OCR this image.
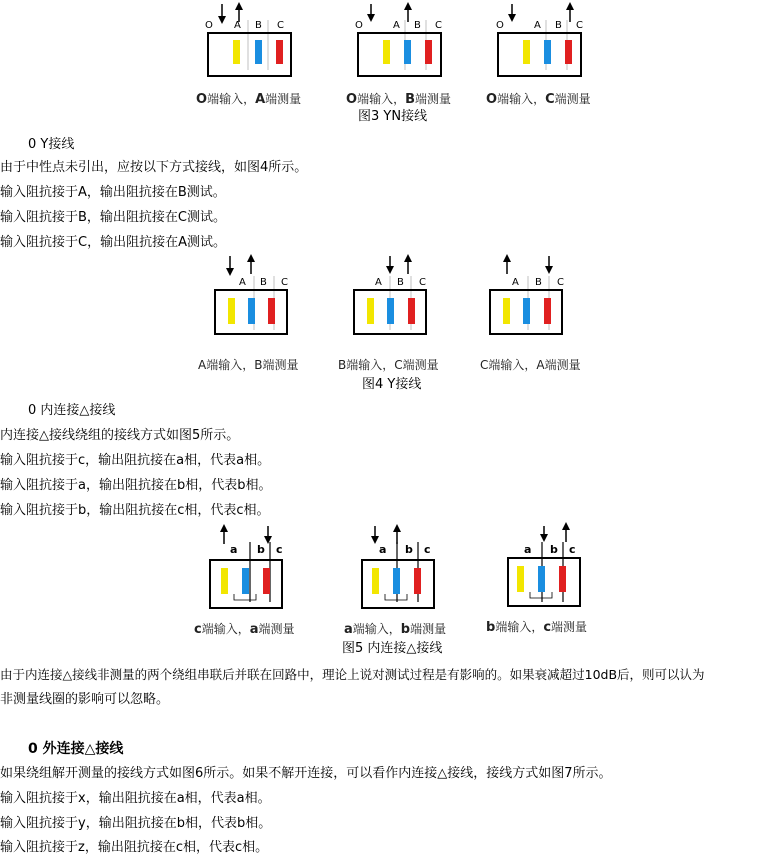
O A B C	O	A B C	O	A B C
O端输入，A端测量	O端输入，B端测量	O端输入，C端测量
图3 YN接线
0 Y接线
由于中性点未引出，应按以下方式接线，如图4所示。
输入阻抗接于A，输出阻抗接在B测试。
输入阻抗接于B，输出阻抗接在C测试。
输入阻抗接于C，输出阻抗接在A测试。
A B C	A B C	A B C
A端输入，B端测量	B端输入，C端测量	C端输入，A端测量
图4 Y接线
0 内连接△接线
内连接△接线绕组的接线方式如图5所示。
输入阻抗接于c，输出阻抗接在a相，代表a相。
输入阻抗接于a，输出阻抗接在b相，代表b相。
输入阻抗接于b，输出阻抗接在c相，代表c相。
a b c	a b c	a b c
c端输入，a端测量	a端输入，b端测量	b端输入，c端测量
图5 内连接△接线
由于内连接△接线非测量的两个绕组串联后并联在回路中，理论上说对测试过程是有影响的。如果衰减超过10dB后，则可以认为
非测量线圈的影响可以忽略。
0 外连接△接线
如果绕组解开测量的接线方式如图6所示。如果不解开连接，可以看作内连接△接线，接线方式如图7所示。
输入阻抗接于x，输出阻抗接在a相，代表a相。
输入阻抗接于y，输出阻抗接在b相，代表b相。
输入阻抗接于z，输出阻抗接在c相，代表c相。
